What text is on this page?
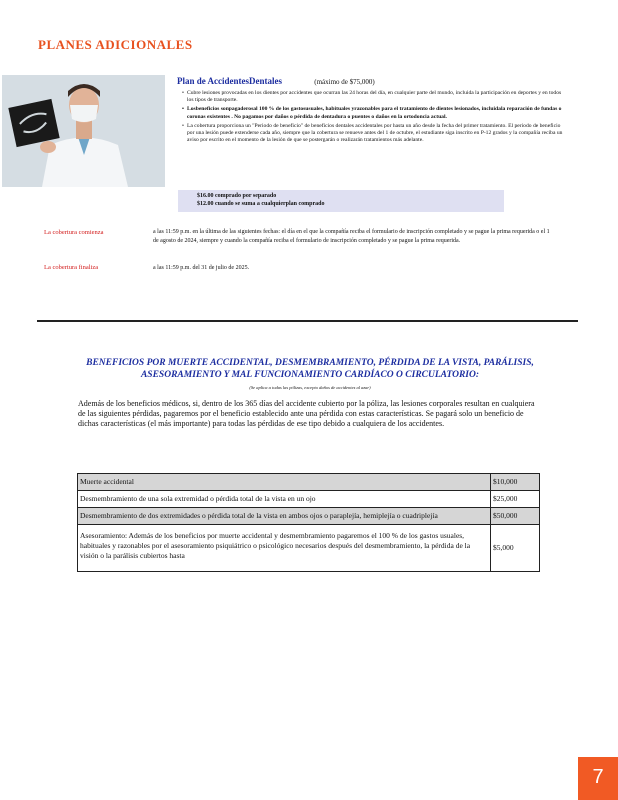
PLANES ADICIONALES
Plan de AccidentesDentales	(máximo de $75,000)
• Cubre lesiones provocadas en los dientes por accidentes que ocurran las 24 horas del día, en cualquier parte del mundo, incluida la participación en deportes y en todos los tipos de transporte.
• Losbeneficios sonpagaderosal 100 % de los gastosusuales, habituales yrazonables para el tratamiento de dientes lesionados, incluidala reparación de fundas o coronas existentes . No pagamos por daños o pérdida de dentadura o puentes o daños en la ortodoncia actual.
• La cobertura proporciona un "Periodo de beneficio" de beneficios dentales accidentales por hasta un año desde la fecha del primer tratamiento. El periodo de beneficio por una lesión puede extenderse cada año, siempre que la cobertura se renueve antes del 1 de octubre, el estudiante siga inscrito en P-12 grados y la compañía reciba un aviso por escrito en el momento de la lesión de que se postergarán o realizarán tratamientos más adelante.
$16.00 comprado por separado
$12.00 cuando se suma a cualquierplan comprado
La cobertura comienza	a las 11:59 p.m. en la última de las siguientes fechas: el día en el que la compañía reciba el formulario de inscripción completado y se pague la prima requerida o el 1 de agosto de 2024, siempre y cuando la compañía reciba el formulario de inscripción completado y se pague la prima requerida.
La cobertura finaliza	a las 11:59 p.m. del 31 de julio de 2025.
BENEFICIOS POR MUERTE ACCIDENTAL, DESMEMBRAMIENTO, PÉRDIDA DE LA VISTA, PARÁLISIS, ASESORAMIENTO Y MAL FUNCIONAMIENTO CARDÍACO O CIRCULATORIO:
(Se aplica a todas las pólizas, excepto daños de accidentes al azar)
Además de los beneficios médicos, si, dentro de los 365 días del accidente cubierto por la póliza, las lesiones corporales resultan en cualquiera de las siguientes pérdidas, pagaremos por el beneficio establecido ante una pérdida con estas características. Se pagará solo un beneficio de dichas características (el más importante) para todas las pérdidas de ese tipo debido a cualquiera de los accidentes.
Muerte accidental	$10,000
Desmembramiento de una sola extremidad o pérdida total de la vista en un ojo	$25,000
Desmembramiento de dos extremidades o pérdida total de la vista en ambos ojos o paraplejía, hemiplejía o cuadriplejía	$50,000
Asesoramiento: Además de los beneficios por muerte accidental y desmembramiento pagaremos el 100 % de los gastos usuales, habituales y razonables por el asesoramiento psiquiátrico o psicológico necesarios después del desmembramiento, la pérdida de la visión o la parálisis cubiertos hasta	$5,000
7
